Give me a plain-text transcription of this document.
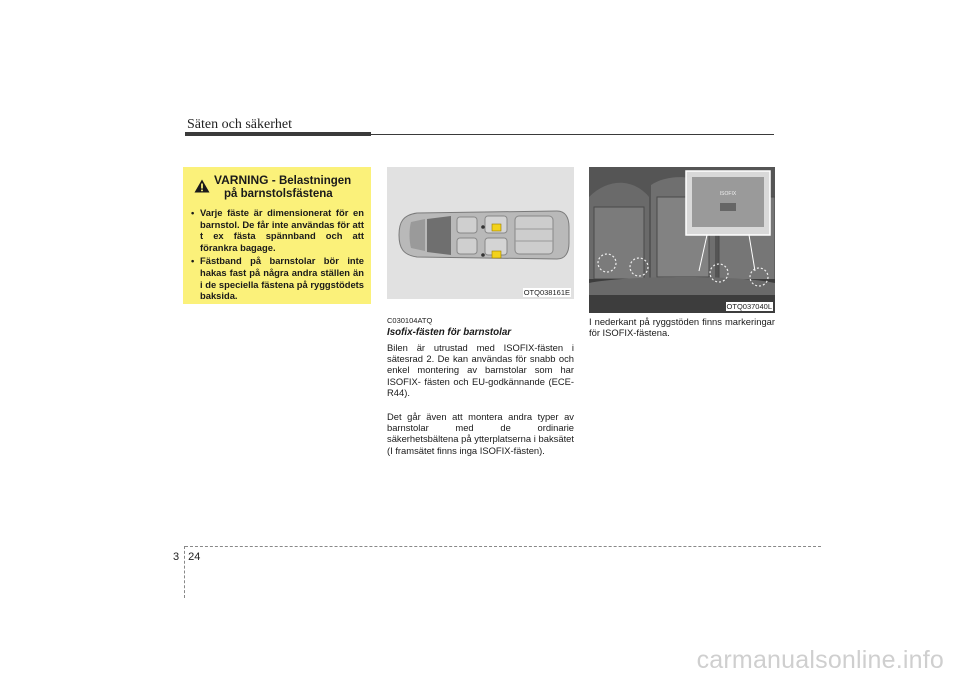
Säten och säkerhet
VARNING - Belastningen
på barnstolsfästena
• Varje fäste är dimensionerat för en barnstol. De får inte användas för att t ex fästa spännband och att förankra bagage.
• Fästband på barnstolar bör inte hakas fast på några andra ställen än i de speciella fästena på ryggstödets baksida.	OTQ038161E
ISOFIX
OTQ037040L
C030104ATQ
Isofix-fästen för barnstolar

Bilen är utrustad med ISOFIX-fästen i sätesrad 2. De kan användas för snabb och enkel montering av barnstolar som har ISOFIX- fästen och EU-godkännande (ECE-R44).

Det går även att montera andra typer av barnstolar med de ordinarie säkerhetsbältena på ytterplatserna i baksätet (I framsätet finns inga ISOFIX-fästen).

I nederkant på ryggstöden finns markeringar för ISOFIX-fästena.

3 24
carmanualsonline.info
